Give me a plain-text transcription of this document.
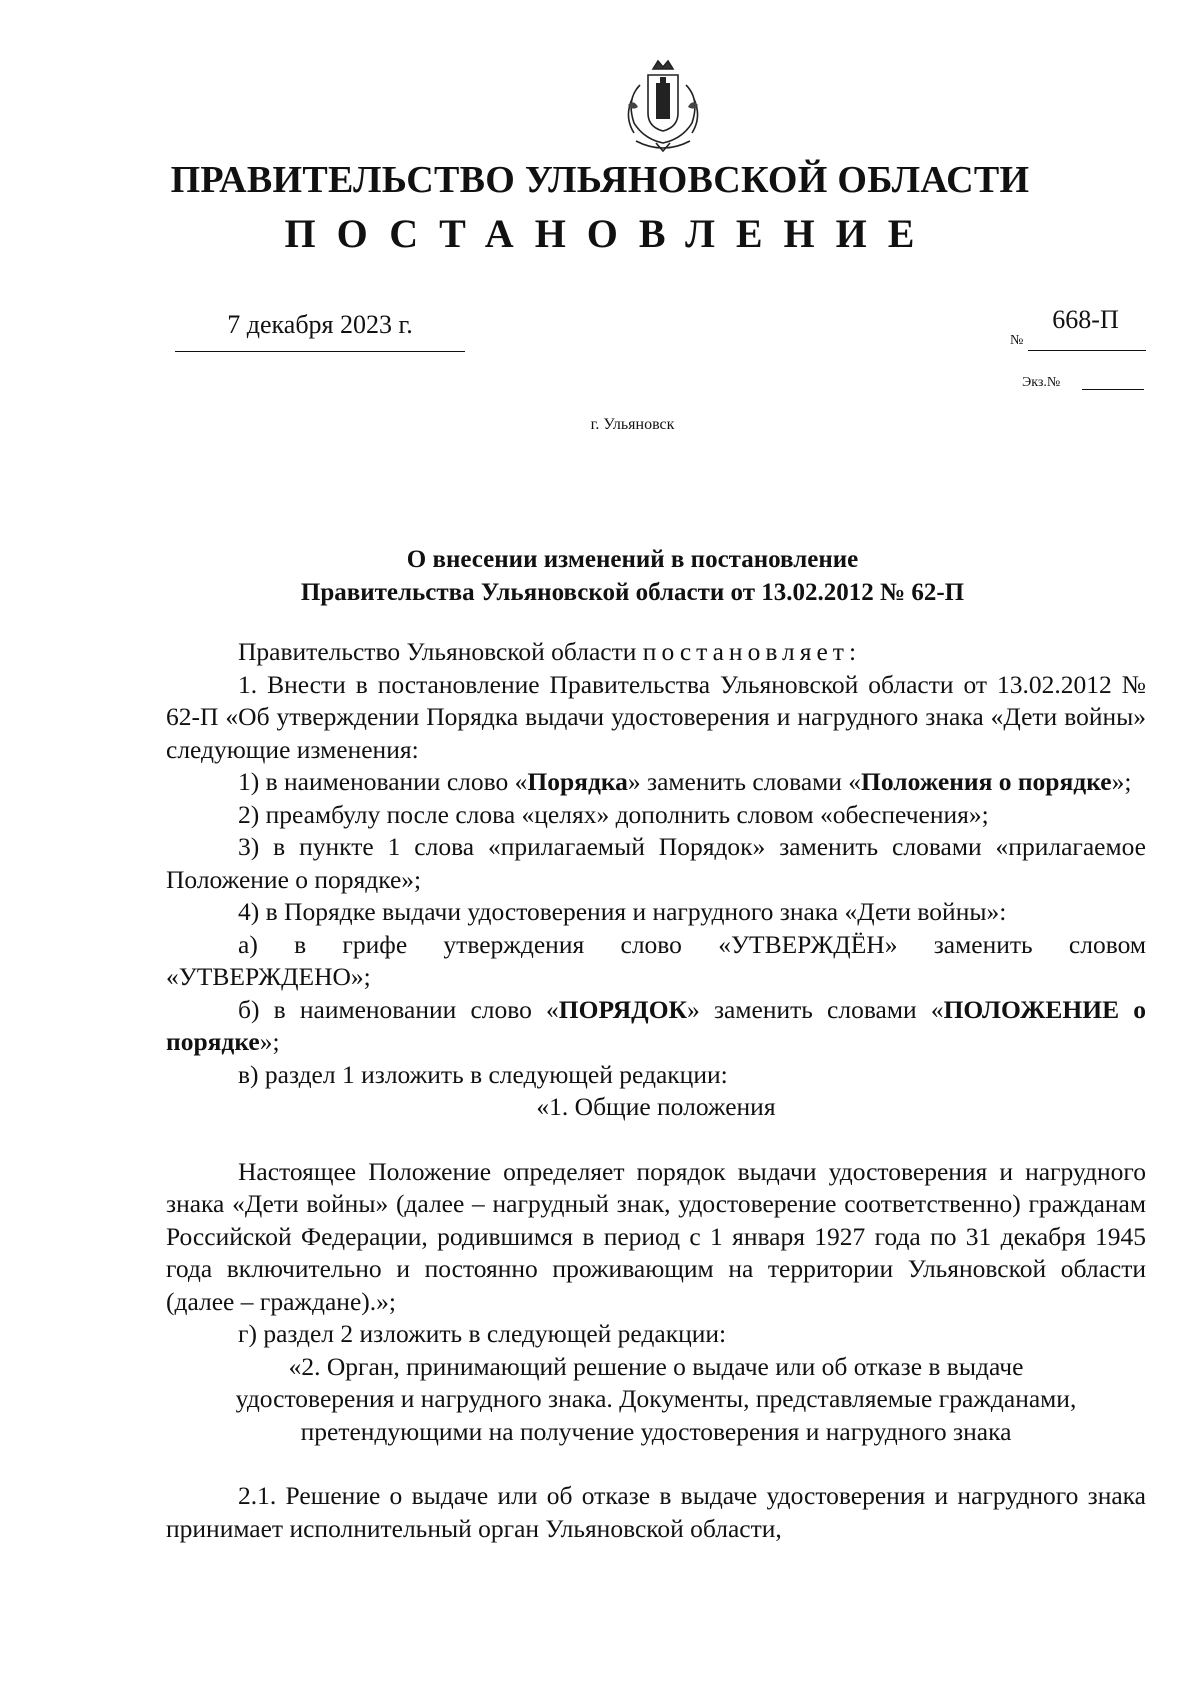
ПРАВИТЕЛЬСТВО УЛЬЯНОВСКОЙ ОБЛАСТИ
ПОСТАНОВЛЕНИЕ
7 декабря 2023 г.
№
668-П
Экз.№
г. Ульяновск
О внесении изменений в постановление
Правительства Ульяновской области от 13.02.2012 № 62-П

Правительство Ульяновской области постановляет:

1. Внести в постановление Правительства Ульяновской области от 13.02.2012 № 62-П «Об утверждении Порядка выдачи удостоверения и нагрудного знака «Дети войны» следующие изменения:

1) в наименовании слово «Порядка» заменить словами «Положения о порядке»;

2) преамбулу после слова «целях» дополнить словом «обеспечения»;

3) в пункте 1 слова «прилагаемый Порядок» заменить словами «прилагаемое Положение о порядке»;

4) в Порядке выдачи удостоверения и нагрудного знака «Дети войны»:

а) в грифе утверждения слово «УТВЕРЖДЁН» заменить словом «УТВЕРЖДЕНО»;

б) в наименовании слово «ПОРЯДОК» заменить словами «ПОЛОЖЕНИЕ о порядке»;

в) раздел 1 изложить в следующей редакции:

«1. Общие положения

Настоящее Положение определяет порядок выдачи удостоверения и нагрудного знака «Дети войны» (далее – нагрудный знак, удостоверение соответственно) гражданам Российской Федерации, родившимся в период с 1 января 1927 года по 31 декабря 1945 года включительно и постоянно проживающим на территории Ульяновской области (далее – граждане).»;

г) раздел 2 изложить в следующей редакции:

«2. Орган, принимающий решение о выдаче или об отказе в выдаче

удостоверения и нагрудного знака. Документы, представляемые гражданами,

претендующими на получение удостоверения и нагрудного знака

2.1. Решение о выдаче или об отказе в выдаче удостоверения и нагрудного знака принимает исполнительный орган Ульяновской области,
